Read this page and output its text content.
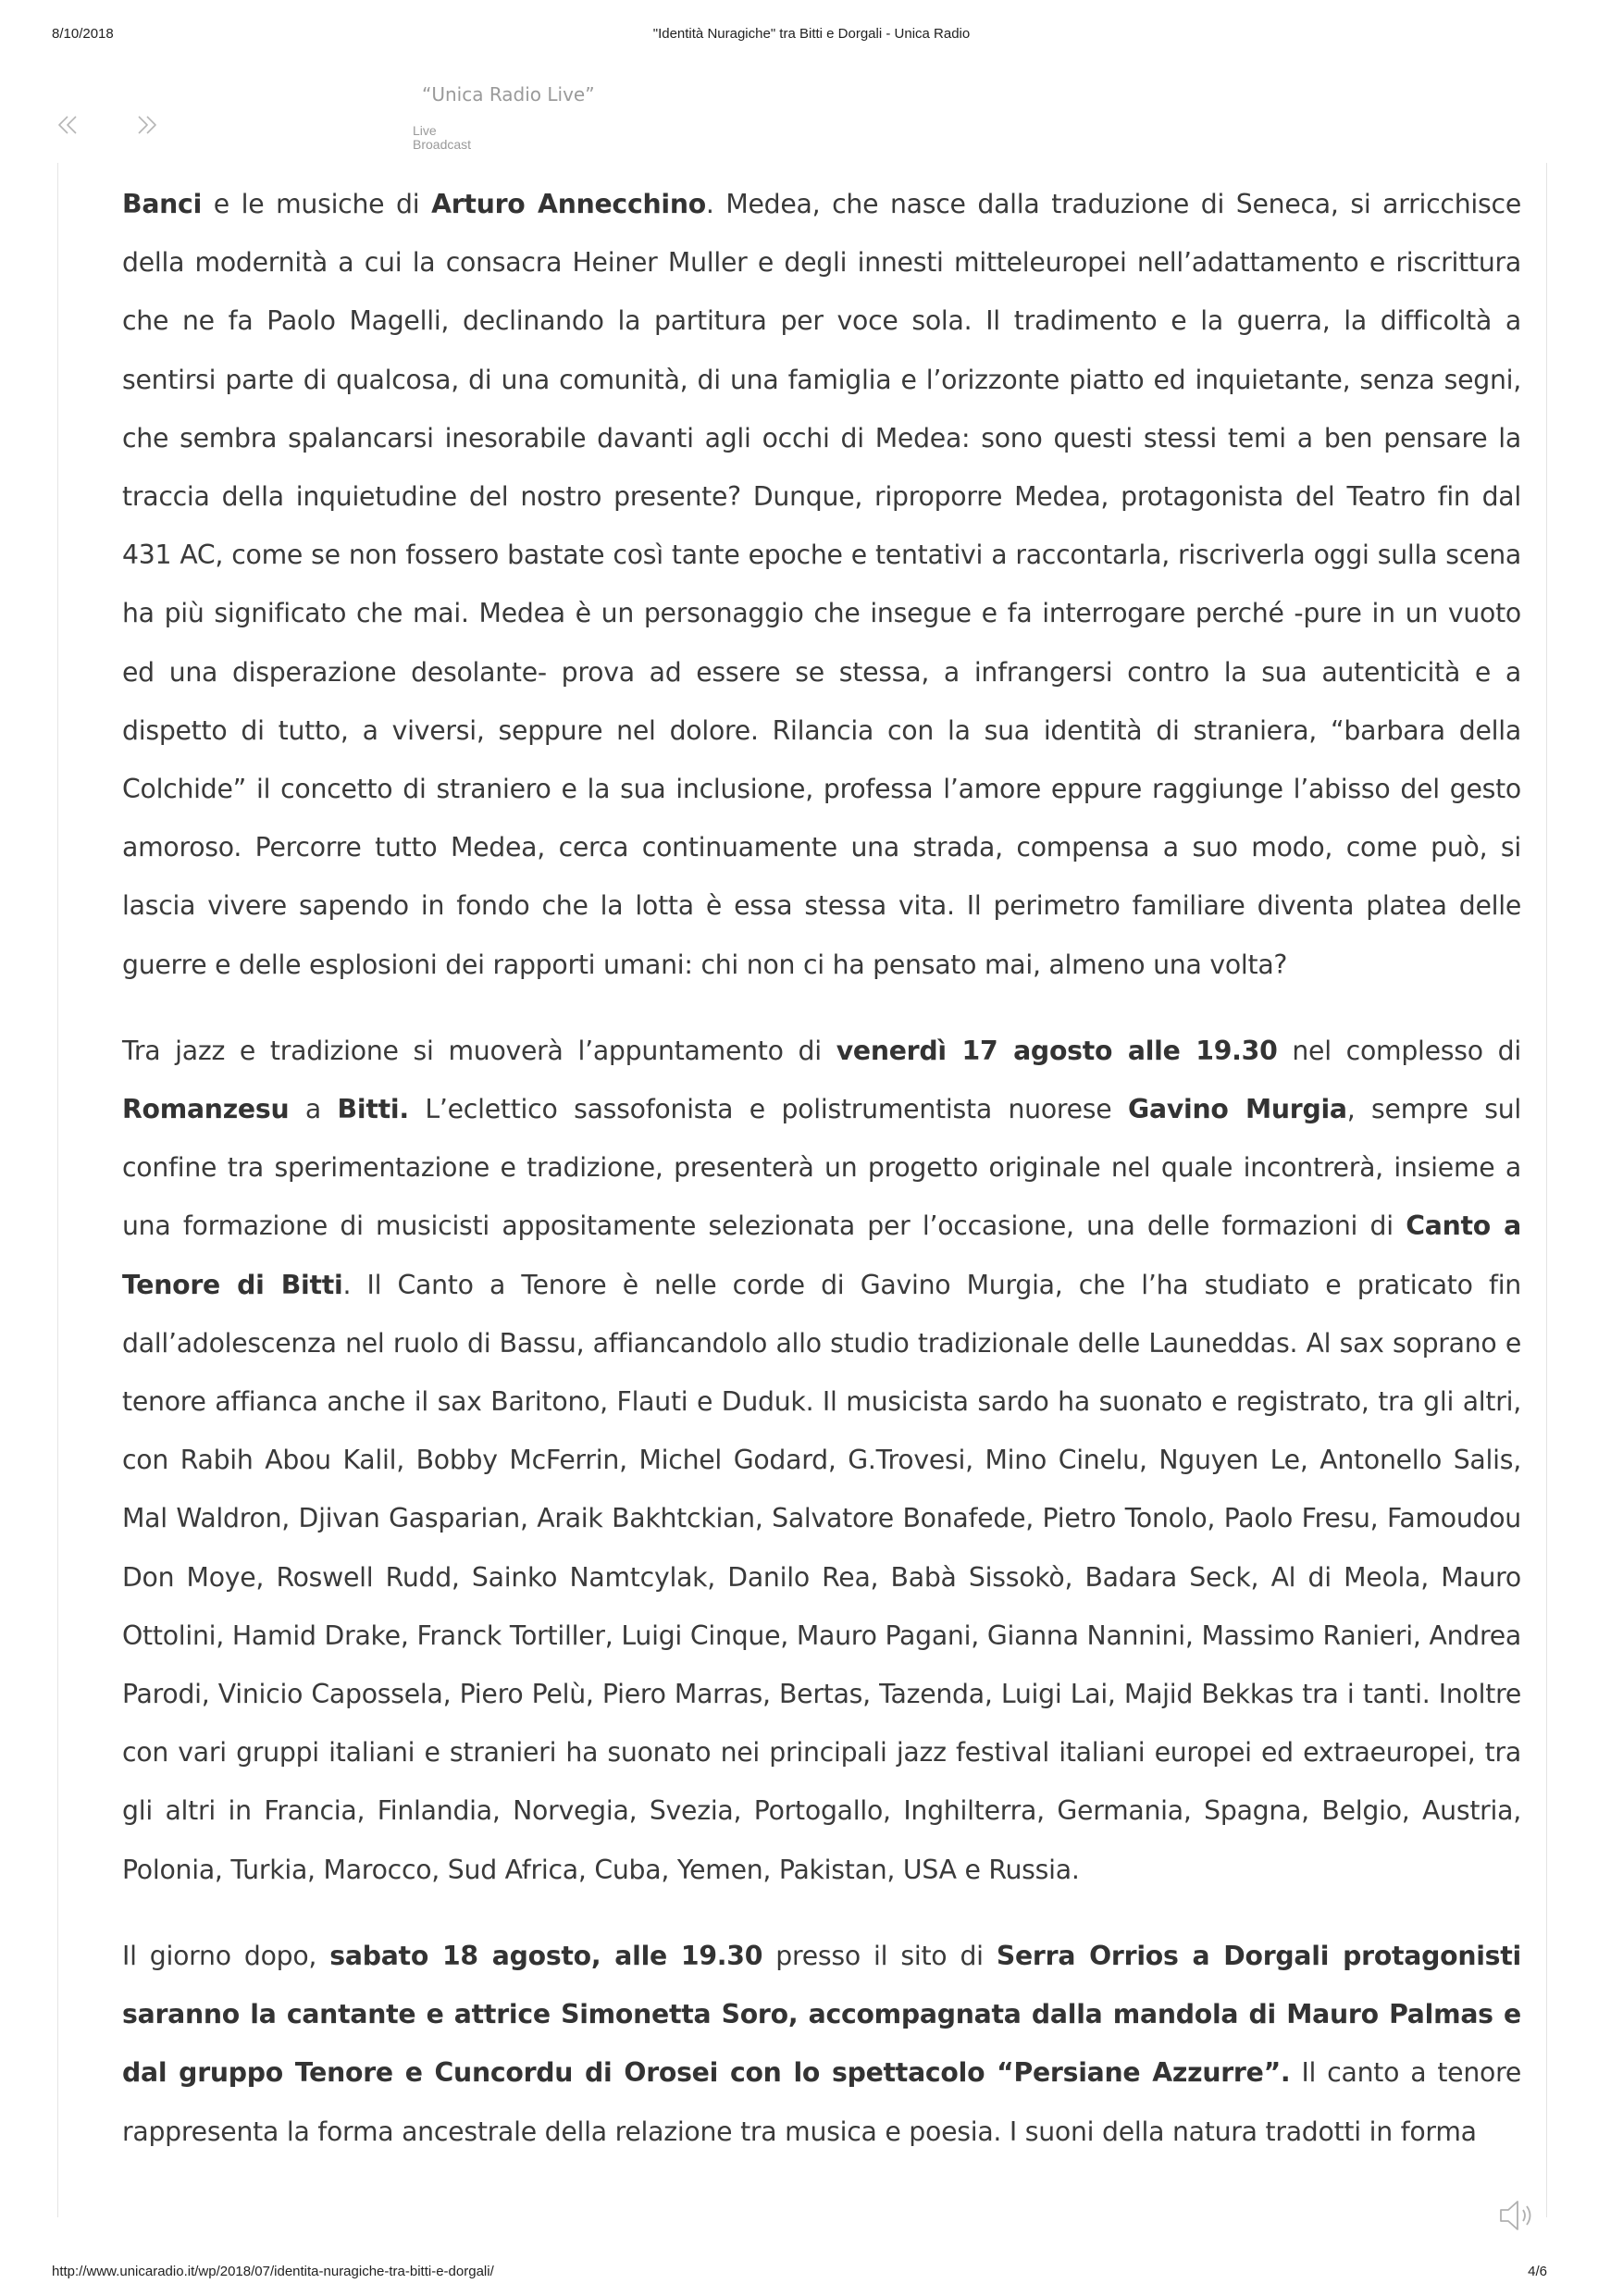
8/10/2018	"Identità Nuragiche" tra Bitti e Dorgali - Unica Radio
“Unica Radio Live”
Live
Broadcast

Banci e le musiche di Arturo Annecchino. Medea, che nasce dalla traduzione di Seneca, si arricchisce della modernità a cui la consacra Heiner Muller e degli innesti mitteleuropei nell’adattamento e riscrittura che ne fa Paolo Magelli, declinando la partitura per voce sola. Il tradimento e la guerra, la difficoltà a sentirsi parte di qualcosa, di una comunità, di una famiglia e l’orizzonte piatto ed inquietante, senza segni, che sembra spalancarsi inesorabile davanti agli occhi di Medea: sono questi stessi temi a ben pensare la traccia della inquietudine del nostro presente? Dunque, riproporre Medea, protagonista del Teatro fin dal 431 AC, come se non fossero bastate così tante epoche e tentativi a raccontarla, riscriverla oggi sulla scena ha più significato che mai. Medea è un personaggio che insegue e fa interrogare perché -pure in un vuoto ed una disperazione desolante- prova ad essere se stessa, a infrangersi contro la sua autenticità e a dispetto di tutto, a viversi, seppure nel dolore. Rilancia con la sua identità di straniera, “barbara della Colchide” il concetto di straniero e la sua inclusione, professa l’amore eppure raggiunge l’abisso del gesto amoroso. Percorre tutto Medea, cerca continuamente una strada, compensa a suo modo, come può, si lascia vivere sapendo in fondo che la lotta è essa stessa vita. Il perimetro familiare diventa platea delle guerre e delle esplosioni dei rapporti umani: chi non ci ha pensato mai, almeno una volta?

Tra jazz e tradizione si muoverà l’appuntamento di venerdì 17 agosto alle 19.30 nel complesso di Romanzesu a Bitti. L’eclettico sassofonista e polistrumentista nuorese Gavino Murgia, sempre sul confine tra sperimentazione e tradizione, presenterà un progetto originale nel quale incontrerà, insieme a una formazione di musicisti appositamente selezionata per l’occasione, una delle formazioni di Canto a Tenore di Bitti. Il Canto a Tenore è nelle corde di Gavino Murgia, che l’ha studiato e praticato fin dall’adolescenza nel ruolo di Bassu, affiancandolo allo studio tradizionale delle Launeddas. Al sax soprano e tenore affianca anche il sax Baritono, Flauti e Duduk. Il musicista sardo ha suonato e registrato, tra gli altri, con Rabih Abou Kalil, Bobby McFerrin, Michel Godard, G.Trovesi, Mino Cinelu, Nguyen Le, Antonello Salis, Mal Waldron, Djivan Gasparian, Araik Bakhtckian, Salvatore Bonafede, Pietro Tonolo, Paolo Fresu, Famoudou Don Moye, Roswell Rudd, Sainko Namtcylak, Danilo Rea, Babà Sissokò, Badara Seck, Al di Meola, Mauro Ottolini, Hamid Drake, Franck Tortiller, Luigi Cinque, Mauro Pagani, Gianna Nannini, Massimo Ranieri, Andrea Parodi, Vinicio Capossela, Piero Pelù, Piero Marras, Bertas, Tazenda, Luigi Lai, Majid Bekkas tra i tanti. Inoltre con vari gruppi italiani e stranieri ha suonato nei principali jazz festival italiani europei ed extraeuropei, tra gli altri in Francia, Finlandia, Norvegia, Svezia, Portogallo, Inghilterra, Germania, Spagna, Belgio, Austria, Polonia, Turkia, Marocco, Sud Africa, Cuba, Yemen, Pakistan, USA e Russia.

Il giorno dopo, sabato 18 agosto, alle 19.30 presso il sito di Serra Orrios a Dorgali protagonisti saranno la cantante e attrice Simonetta Soro, accompagnata dalla mandola di Mauro Palmas e dal gruppo Tenore e Cuncordu di Orosei con lo spettacolo “Persiane Azzurre”. Il canto a tenore rappresenta la forma ancestrale della relazione tra musica e poesia. I suoni della natura tradotti in forma

http://www.unicaradio.it/wp/2018/07/identita-nuragiche-tra-bitti-e-dorgali/	4/6
